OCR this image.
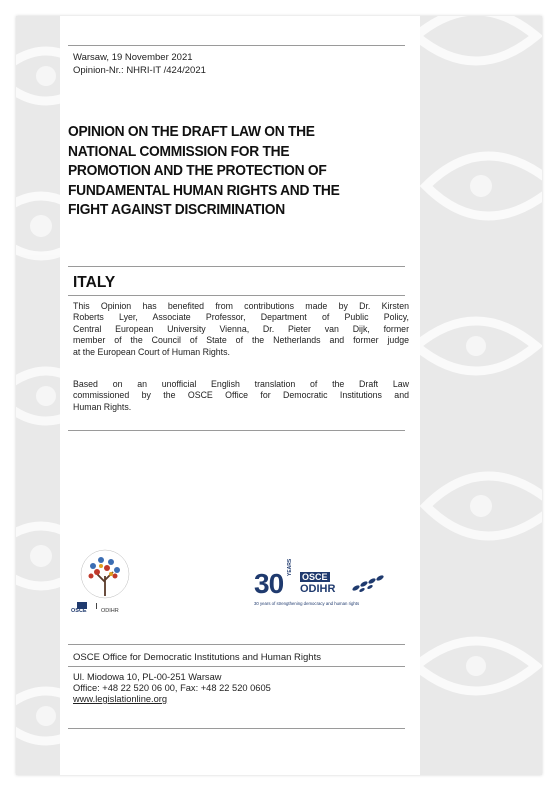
Warsaw, 19 November 2021
Opinion-Nr.: NHRI-IT /424/2021
OPINION ON THE DRAFT LAW ON THE
NATIONAL COMMISSION FOR THE
PROMOTION AND THE PROTECTION OF
FUNDAMENTAL HUMAN RIGHTS AND THE
FIGHT AGAINST DISCRIMINATION
ITALY
This Opinion has benefited from contributions made by Dr. Kirsten
Roberts Lyer, Associate Professor, Department of Public Policy,
Central European University Vienna, Dr. Pieter van Dijk, former
member of the Council of State of the Netherlands and former judge
at the European Court of Human Rights.
Based on an unofficial English translation of the Draft Law
commissioned by the OSCE Office for Democratic Institutions and
Human Rights.
OSCE	ODIHR
30
YEARS
OSCE
ODIHR
30 years of strengthening democracy and human rights
OSCE Office for Democratic Institutions and Human Rights
Ul. Miodowa 10, PL-00-251 Warsaw
Office: +48 22 520 06 00, Fax: +48 22 520 0605
www.legislationline.org
